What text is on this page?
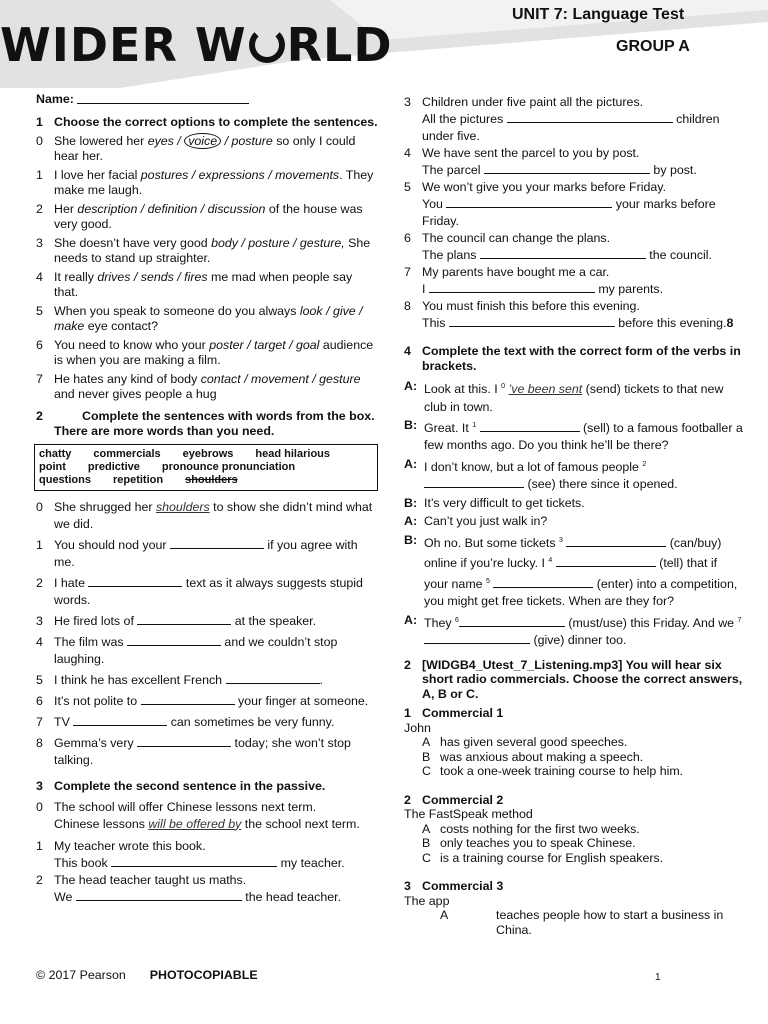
WIDER W RLD
UNIT 7: Language Test
GROUP A
Name:

1 Choose the correct options to complete the sentences.
0 She lowered her eyes / voice / posture so only I could hear her.
1 I love her facial postures / expressions / movements. They make me laugh.
2 Her description / definition / discussion of the house was very good.
3 She doesn’t have very good body / posture / gesture, She needs to stand up straighter.
4 It really drives / sends / fires me mad when people say that.
5 When you speak to someone do you always look / give / make eye contact?
6 You need to know who your poster / target / goal audience is when you are making a film.
7 He hates any kind of body contact / movement / gesture and never gives people a hug
2	Complete the sentences with words from the box. There are more words than you need.
chatty commercials eyebrows head hilarious
point predictive pronounce pronunciation
questions repetition shoulders
0 She shrugged her shoulders to show she didn’t mind what we did.
1 You should nod your	if you agree with me.
2 I hate	text as it always suggests stupid words.
3 He fired lots of	at the speaker.
4 The film was	and we couldn’t stop laughing.
5 I think he has excellent French	.
6 It’s not polite to	your finger at someone.
7 TV	can sometimes be very funny.
8 Gemma’s very	today; she won’t stop talking.
3 Complete the second sentence in the passive.
0 The school will offer Chinese lessons next term.
Chinese lessons will be offered by the school next term.
1 My teacher wrote this book.
This book	my teacher.
2 The head teacher taught us maths.
We	the head teacher.
3 Children under five paint all the pictures.
All the pictures	children under five.
4 We have sent the parcel to you by post.
The parcel	by post.
5 We won’t give you your marks before Friday.
You	your marks before Friday.
6 The council can change the plans.
The plans	the council.
7 My parents have bought me a car.
I	my parents.
8 You must finish this before this evening.
This	before this evening.8
4 Complete the text with the correct form of the verbs in brackets.
A: Look at this. I $^0$ ’ve been sent (send) tickets to that new club in town.
B: Great. It $^1$	(sell) to a famous footballer a few months ago. Do you think he’ll be there?
A: I don’t know, but a lot of famous people $^2$  (see) there since it opened.
B: It’s very difficult to get tickets.
A: Can’t you just walk in?
B: Oh no. But some tickets $^3$	(can/buy) online if you’re lucky. I $^4$	(tell) that if your name $^5$	(enter) into a competition, you might get free tickets. When are they for?
A: They $^6$	(must/use) this Friday. And we $^7$ (give) dinner too.
2 [WIDGB4_Utest_7_Listening.mp3] You will hear six short radio commercials. Choose the correct answers, A, B or C.
1 Commercial 1
John
A has given several good speeches.
B was anxious about making a speech.
C took a one-week training course to help him.
2 Commercial 2
The FastSpeak method
A costs nothing for the first two weeks.
B only teaches you to speak Chinese.
C is a training course for English speakers.
3 Commercial 3
The app
A	teaches people how to start a business in China.
© 2017 Pearson PHOTOCOPIABLE	1
